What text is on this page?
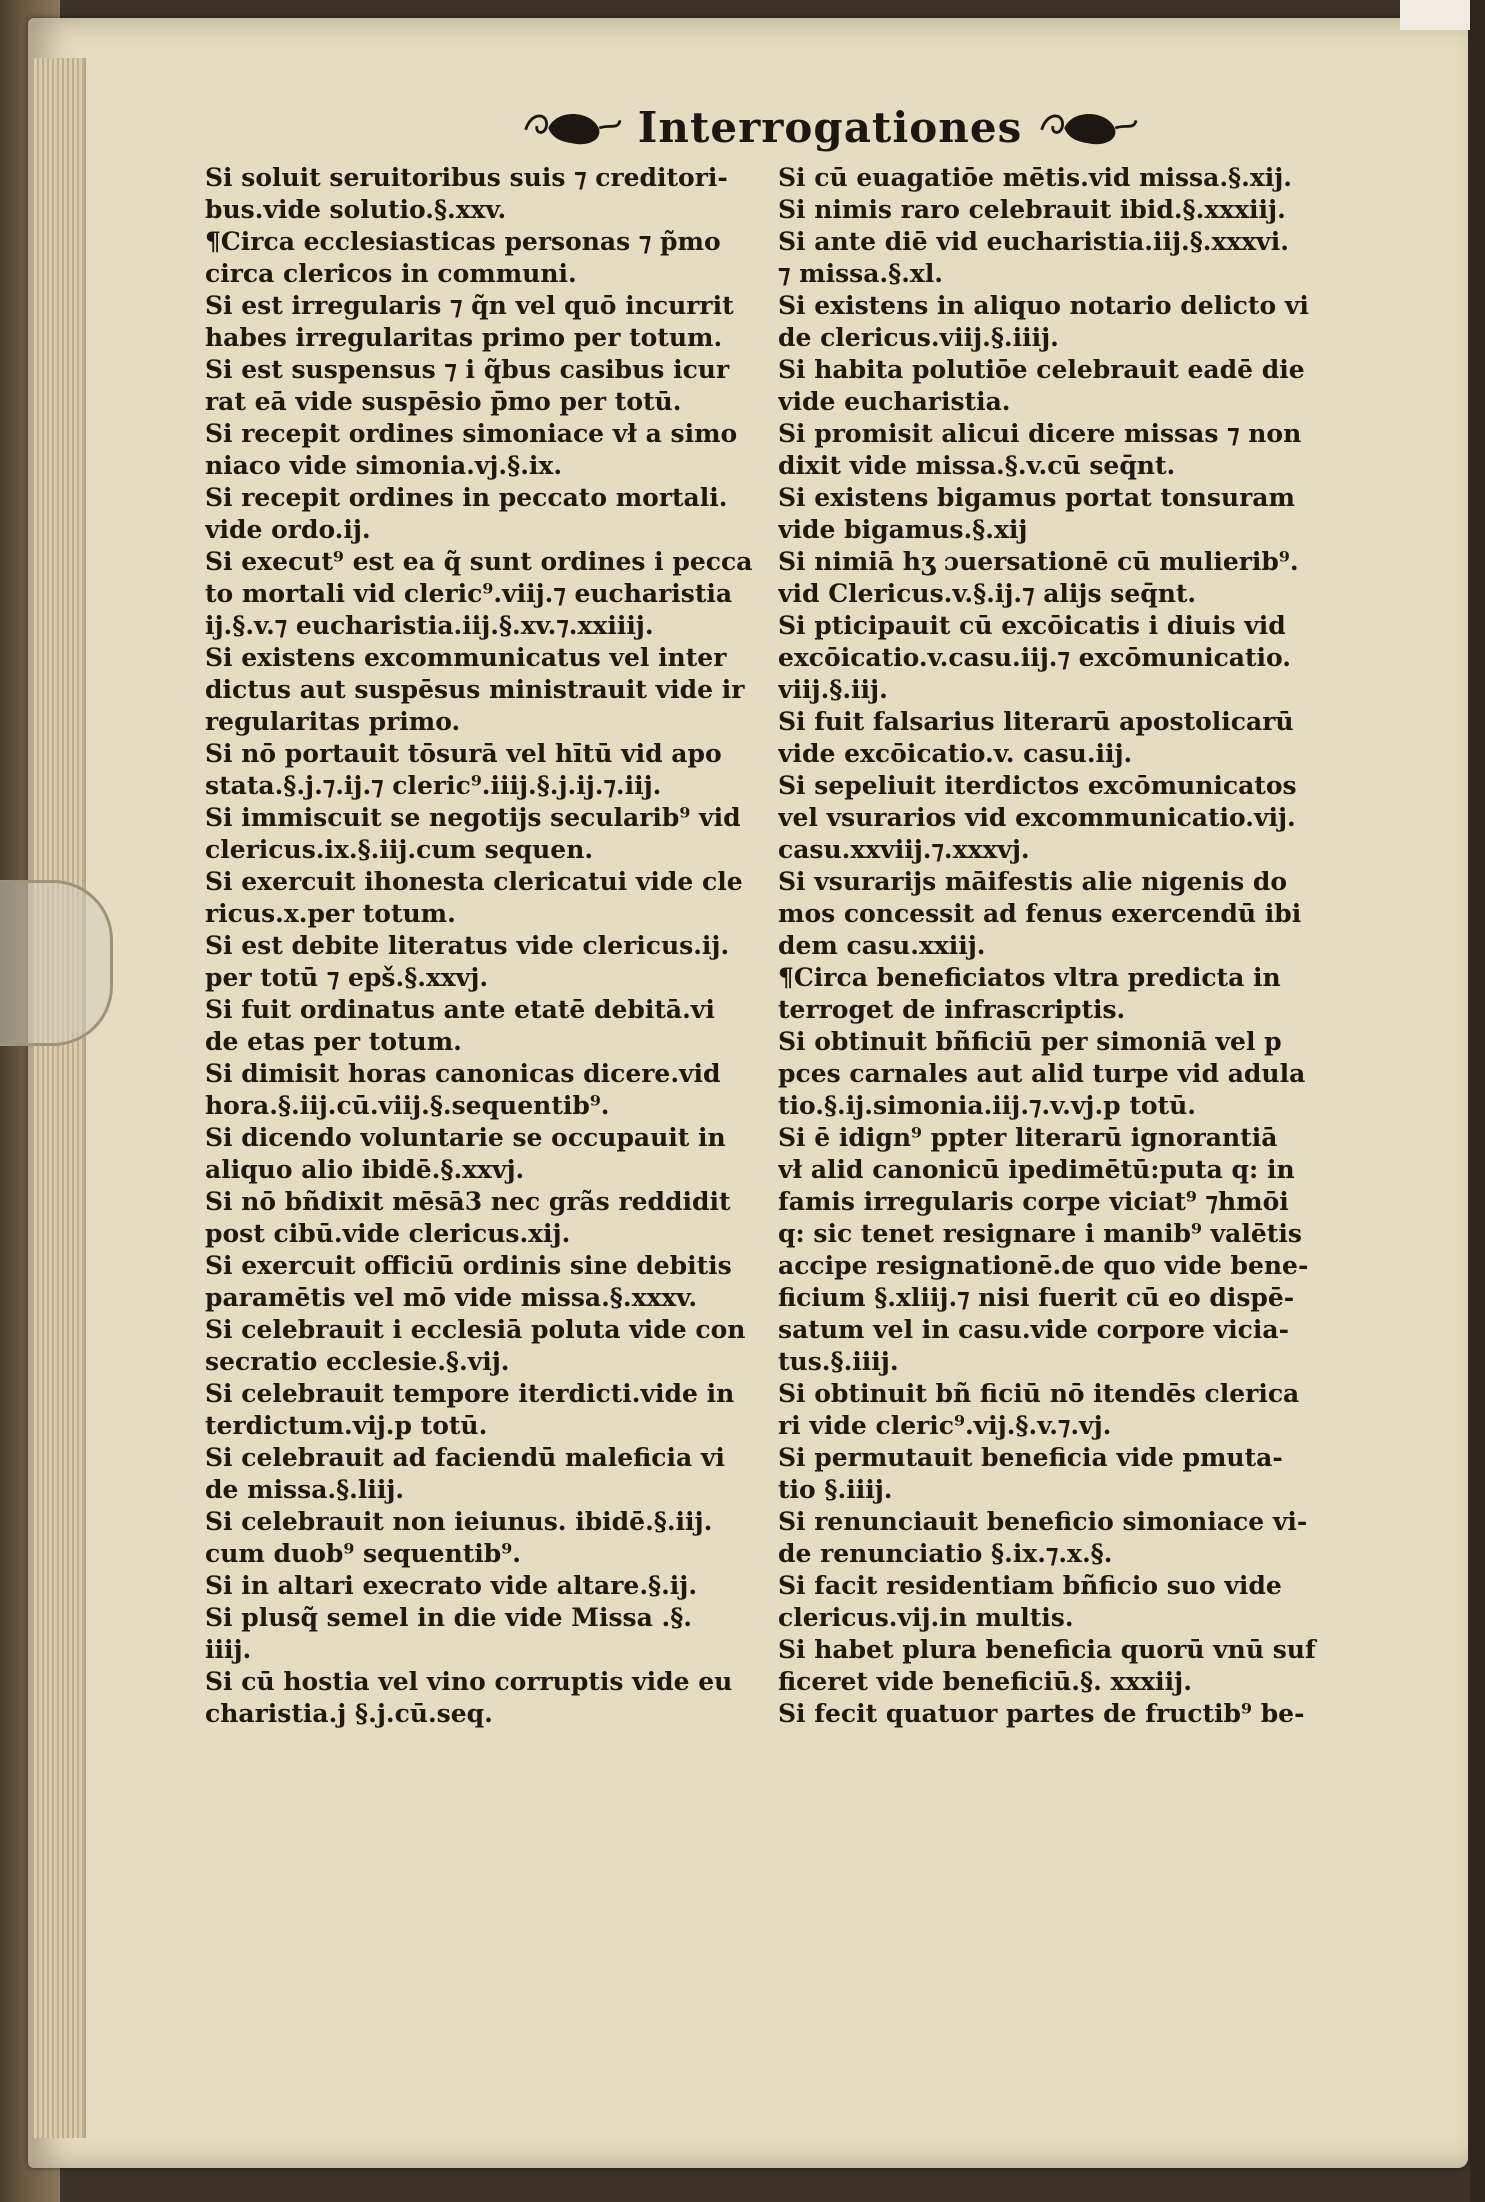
Interrogationes
Si soluit seruitoribus suis ⁊ creditori-
bus.vide solutio.§.xxv.
¶Circa ecclesiasticas personas ⁊ p̃mo
circa clericos in communi.
Si est irregularis ⁊ q̃n vel quō incurrit
habes irregularitas primo per totum.
Si est suspensus ⁊ i q̃bus casibus icur
rat eā vide suspēsio p̄mo per totū.
Si recepit ordines simoniace vł a simo
niaco vide simonia.vj.§.ix.
Si recepit ordines in peccato mortali.
vide ordo.ij.
Si execut⁹ est ea q̃ sunt ordines i pecca
to mortali vid cleric⁹.viij.⁊ eucharistia
ij.§.v.⁊ eucharistia.iij.§.xv.⁊.xxiiij.
Si existens excommunicatus vel inter
dictus aut suspēsus ministrauit vide ir
regularitas primo.
Si nō portauit tōsurā vel hītū vid apo
stata.§.j.⁊.ij.⁊ cleric⁹.iiij.§.j.ij.⁊.iij.
Si immiscuit se negotijs secularib⁹ vid
clericus.ix.§.iij.cum sequen.
Si exercuit ihonesta clericatui vide cle
ricus.x.per totum.
Si est debite literatus vide clericus.ij.
per totū ⁊ epš.§.xxvj.
Si fuit ordinatus ante etatē debitā.vi
de etas per totum.
Si dimisit horas canonicas dicere.vid
hora.§.iij.cū.viij.§.sequentib⁹.
Si dicendo voluntarie se occupauit in
aliquo alio ibidē.§.xxvj.
Si nō bñdixit mēsā3 nec grãs reddidit
post cibū.vide clericus.xij.
Si exercuit officiū ordinis sine debitis
paramētis vel mō vide missa.§.xxxv.
Si celebrauit i ecclesiā poluta vide con
secratio ecclesie.§.vij.
Si celebrauit tempore iterdicti.vide in
terdictum.vij.p totū.
Si celebrauit ad faciendū maleficia vi
de missa.§.liij.
Si celebrauit non ieiunus. ibidē.§.iij.
cum duob⁹ sequentib⁹.
Si in altari execrato vide altare.§.ij.
Si plusq̃ semel in die vide Missa .§.
iiij.
Si cū hostia vel vino corruptis vide eu
charistia.j §.j.cū.seq.
Si cū euagatiōe mētis.vid missa.§.xij.
Si nimis raro celebrauit ibid.§.xxxiij.
Si ante diē vid eucharistia.iij.§.xxxvi.
⁊ missa.§.xl.
Si existens in aliquo notario delicto vi
de clericus.viij.§.iiij.
Si habita polutiōe celebrauit eadē die
vide eucharistia.
Si promisit alicui dicere missas ⁊ non
dixit vide missa.§.v.cū seq̄nt.
Si existens bigamus portat tonsuram
vide bigamus.§.xij
Si nimiā hʒ ɔuersationē cū mulierib⁹.
vid Clericus.v.§.ij.⁊ alijs seq̄nt.
Si pticipauit cū excōicatis i diuis vid
excōicatio.v.casu.iij.⁊ excōmunicatio.
viij.§.iij.
Si fuit falsarius literarū apostolicarū
vide excōicatio.v. casu.iij.
Si sepeliuit iterdictos excōmunicatos
vel vsurarios vid excommunicatio.vij.
casu.xxviij.⁊.xxxvj.
Si vsurarijs māifestis alie nigenis do
mos concessit ad fenus exercendū ibi
dem casu.xxiij.
¶Circa beneficiatos vltra predicta in
terroget de infrascriptis.
Si obtinuit bñficiū per simoniā vel p
pces carnales aut alid turpe vid adula
tio.§.ij.simonia.iij.⁊.v.vj.p totū.
Si ē idign⁹ ppter literarū ignorantiā
vł alid canonicū ipedimētū:puta q: in
famis irregularis corpe viciat⁹ ⁊hmōi
q: sic tenet resignare i manib⁹ valētis
accipe resignationē.de quo vide bene-
ficium §.xliij.⁊ nisi fuerit cū eo dispē-
satum vel in casu.vide corpore vicia-
tus.§.iiij.
Si obtinuit bñ ficiū nō itendēs clerica
ri vide cleric⁹.vij.§.v.⁊.vj.
Si permutauit beneficia vide pmuta-
tio §.iiij.
Si renunciauit beneficio simoniace vi-
de renunciatio §.ix.⁊.x.§.
Si facit residentiam bñficio suo vide
clericus.vij.in multis.
Si habet plura beneficia quorū vnū suf
ficeret vide beneficiū.§. xxxiij.
Si fecit quatuor partes de fructib⁹ be-
